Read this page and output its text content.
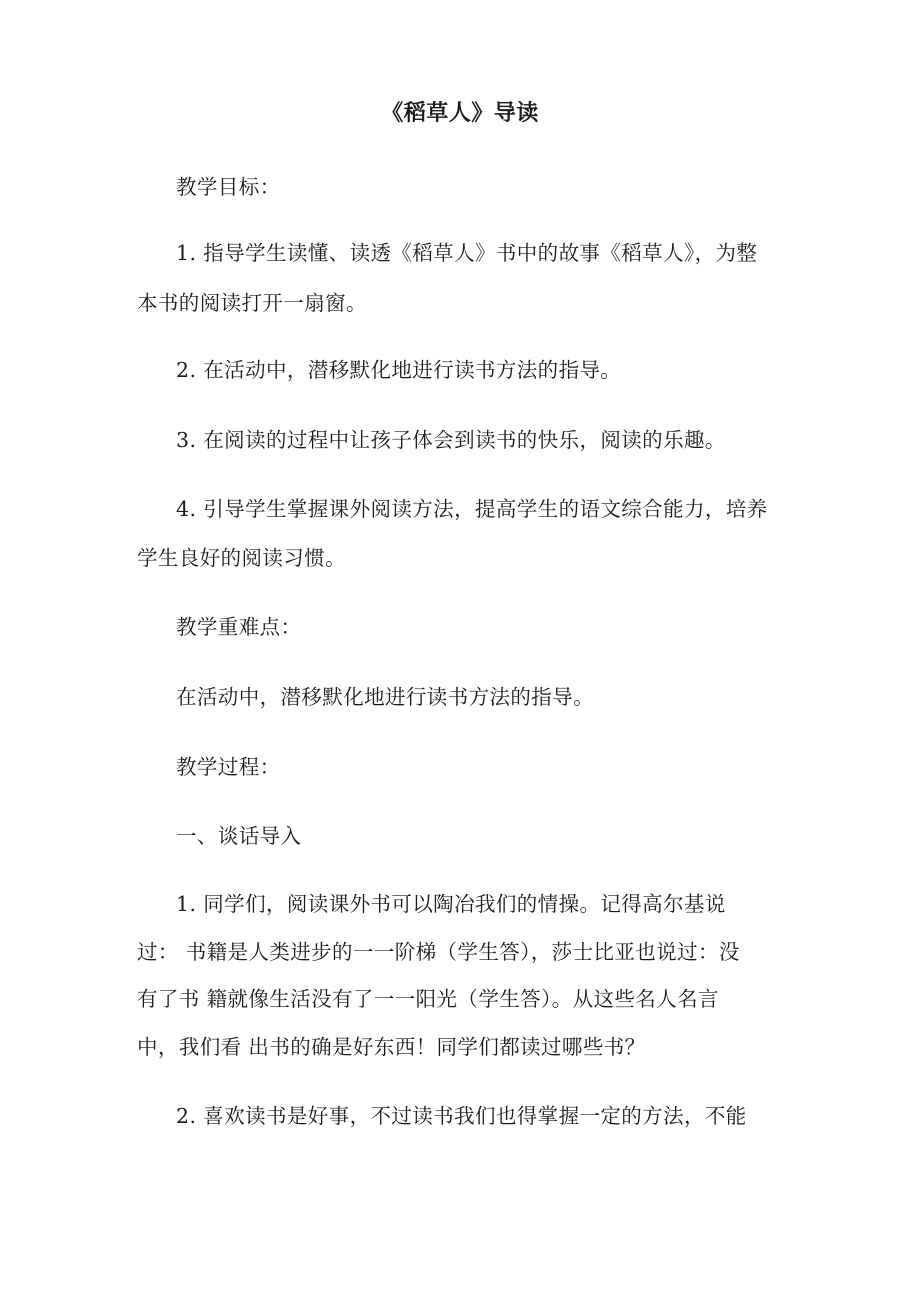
《稻草人》导读
教学目标：
1. 指导学生读懂、读透《稻草人》书中的故事《稻草人》，为整
本书的阅读打开一扇窗。
2. 在活动中，潜移默化地进行读书方法的指导。
3. 在阅读的过程中让孩子体会到读书的快乐，阅读的乐趣。
4. 引导学生掌握课外阅读方法，提高学生的语文综合能力，培养
学生良好的阅读习惯。
教学重难点：
在活动中，潜移默化地进行读书方法的指导。
教学过程：
一、谈话导入
1. 同学们，阅读课外书可以陶冶我们的情操。记得高尔基说
过： 书籍是人类进步的一一阶梯（学生答），莎士比亚也说过：没
有了书 籍就像生活没有了一一阳光（学生答）。从这些名人名言
中，我们看 出书的确是好东西！同学们都读过哪些书？
2. 喜欢读书是好事，不过读书我们也得掌握一定的方法，不能
